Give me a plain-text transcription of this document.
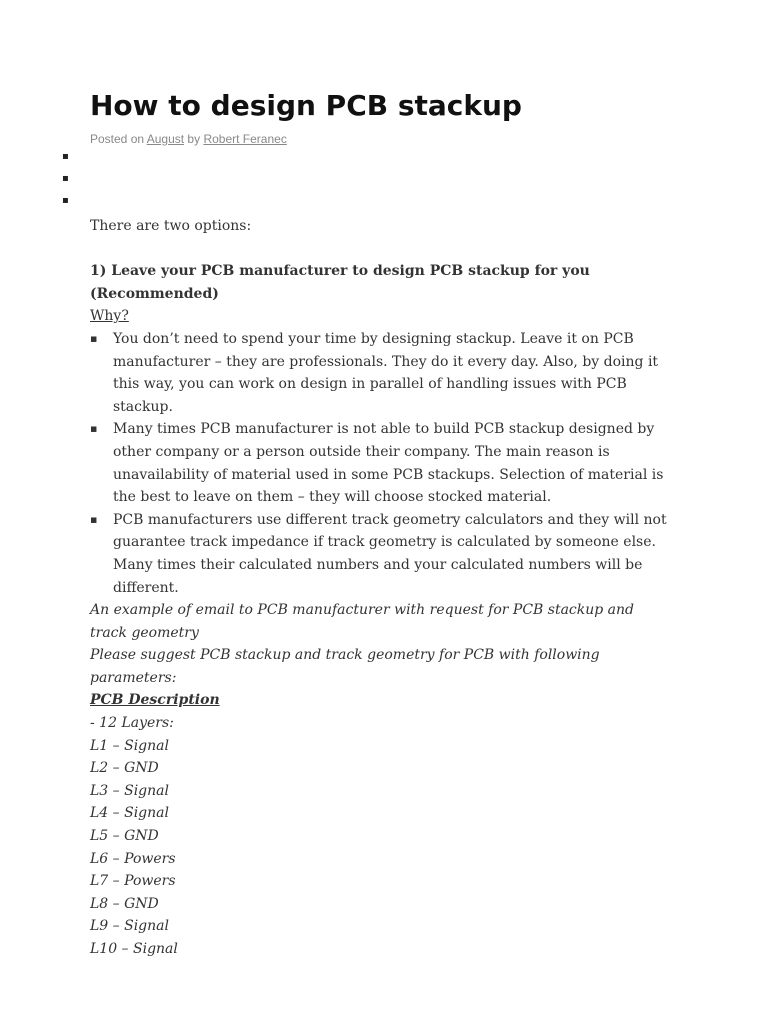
How to design PCB stackup
Posted on August by Robert Feranec
▪
▪
▪

There are two options:

1) Leave your PCB manufacturer to design PCB stackup for you (Recommended)

Why?

▪ You don’t need to spend your time by designing stackup. Leave it on PCB manufacturer – they are professionals. They do it every day. Also, by doing it this way, you can work on design in parallel of handling issues with PCB stackup.
▪ Many times PCB manufacturer is not able to build PCB stackup designed by other company or a person outside their company. The main reason is unavailability of material used in some PCB stackups. Selection of material is the best to leave on them – they will choose stocked material.
▪ PCB manufacturers use different track geometry calculators and they will not guarantee track impedance if track geometry is calculated by someone else. Many times their calculated numbers and your calculated numbers will be different.

An example of email to PCB manufacturer with request for PCB stackup and track geometry

Please suggest PCB stackup and track geometry for PCB with following parameters:

PCB Description

- 12 Layers:
L1 – Signal
L2 – GND
L3 – Signal
L4 – Signal
L5 – GND
L6 – Powers
L7 – Powers
L8 – GND
L9 – Signal
L10 – Signal
